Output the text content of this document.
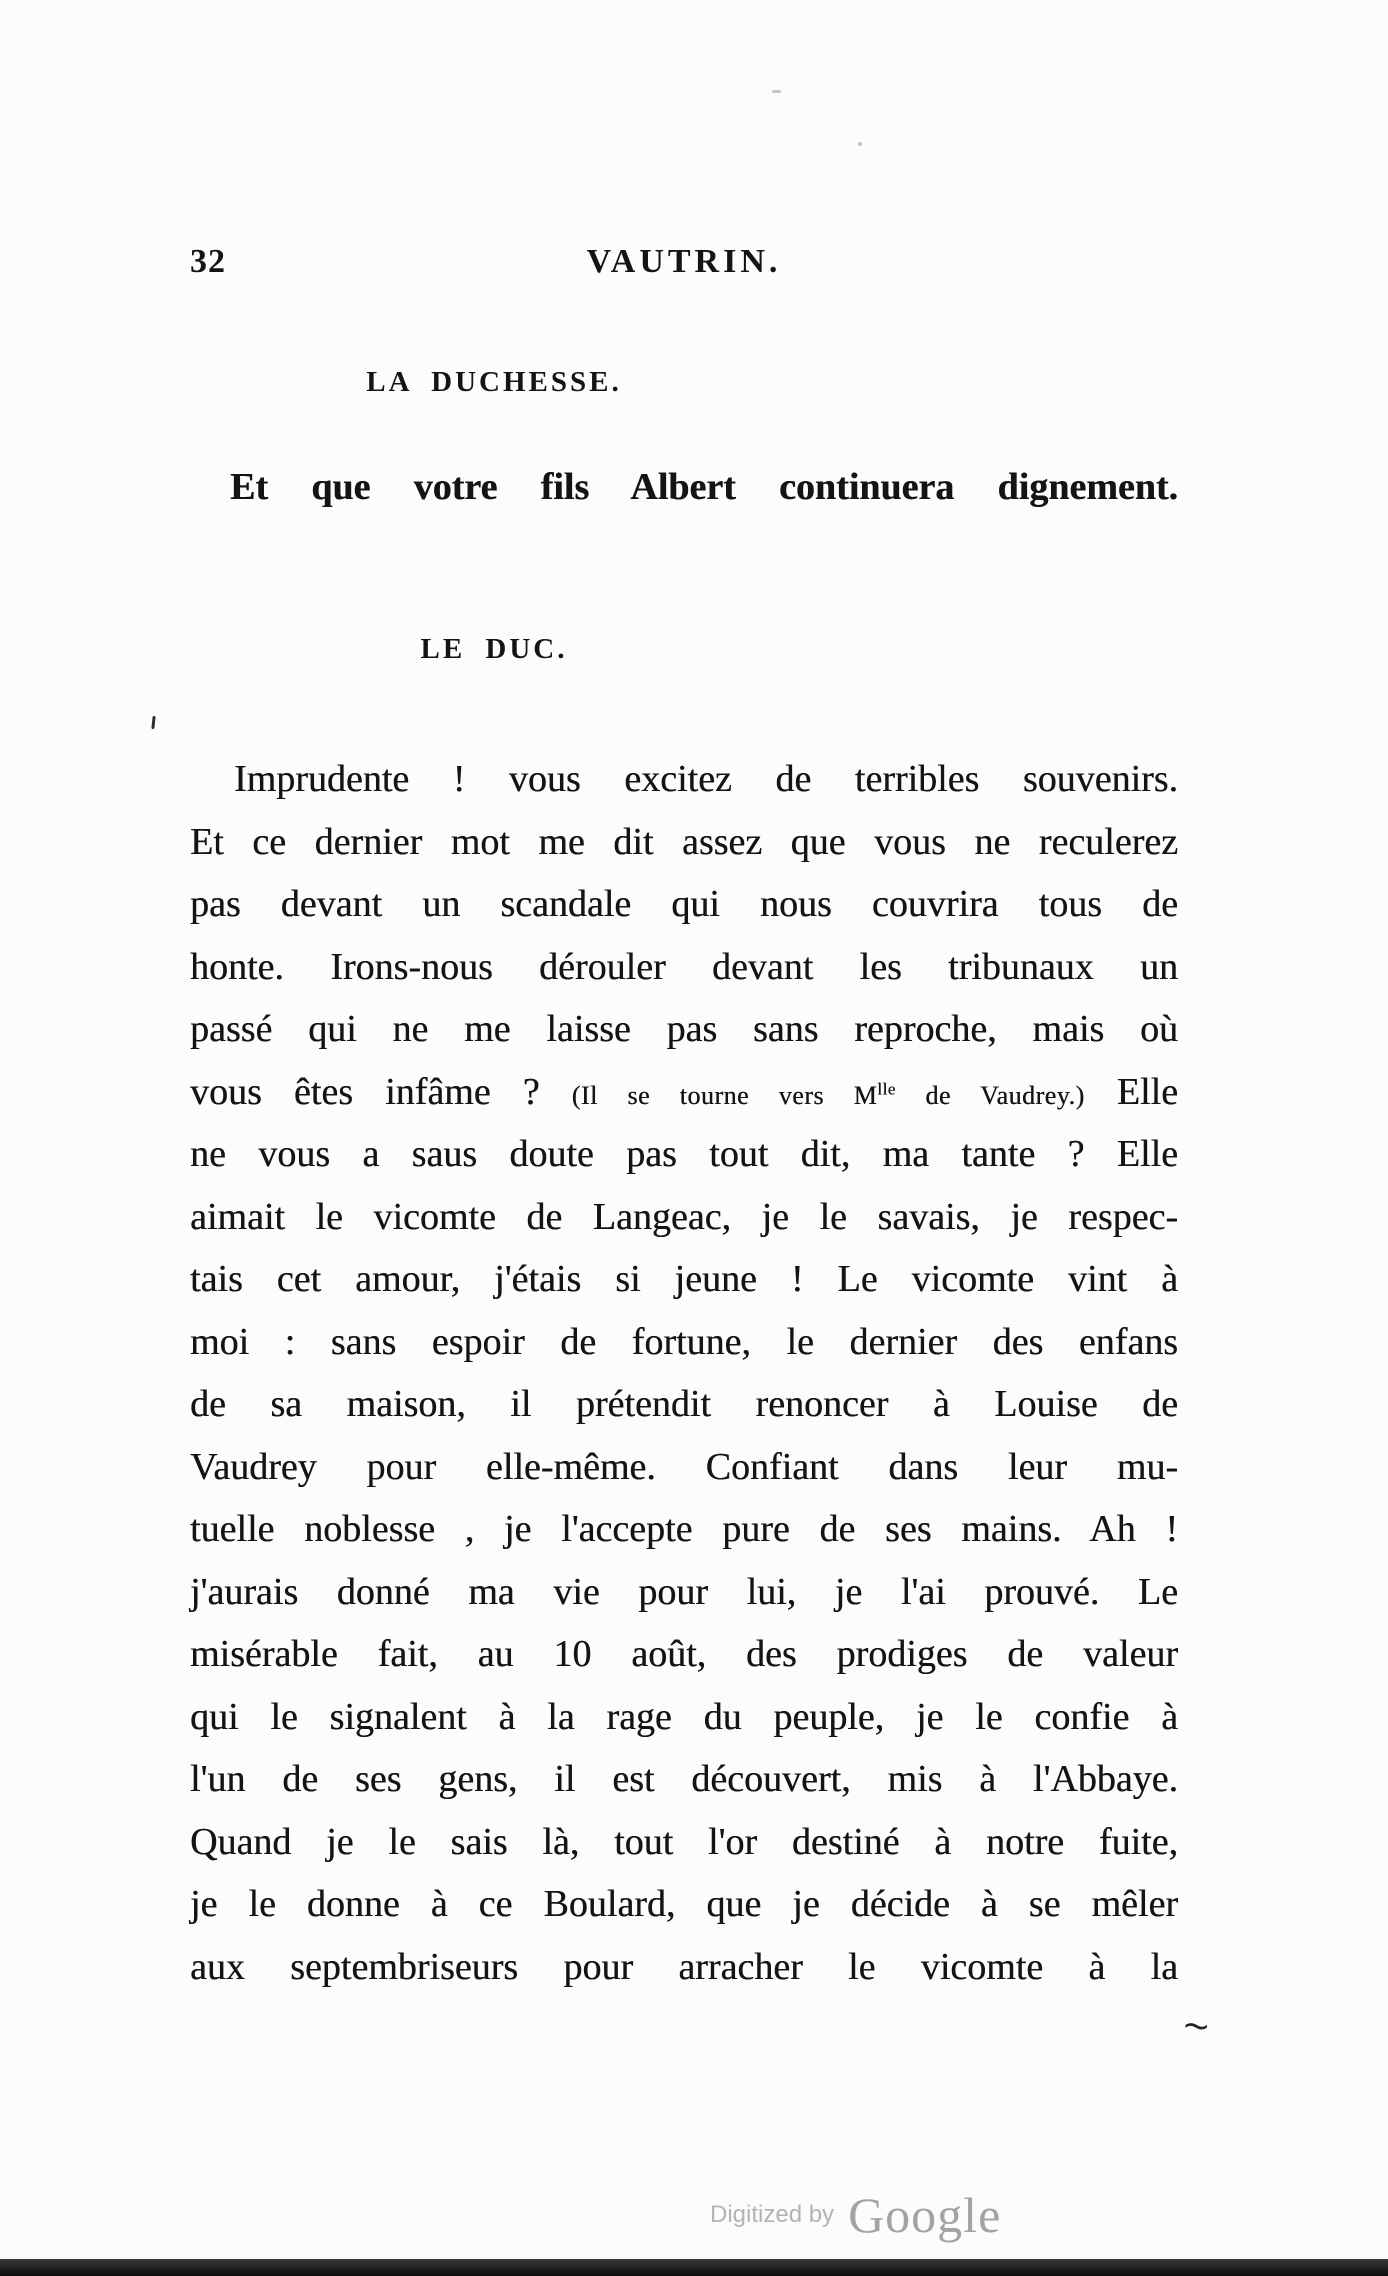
32	VAUTRIN.
LA DUCHESSE.
Et que votre fils Albert continuera dignement.
LE DUC.
Imprudente ! vous excitez de terribles souvenirs.
Et ce dernier mot me dit assez que vous ne reculerez
pas devant un scandale qui nous couvrira tous de
honte. Irons-nous dérouler devant les tribunaux un
passé qui ne me laisse pas sans reproche, mais où
vous êtes infâme ? (Il se tourne vers $M^{lle}$ de Vaudrey.) Elle
ne vous a saus doute pas tout dit, ma tante ? Elle
aimait le vicomte de Langeac, je le savais, je respec-
tais cet amour, j'étais si jeune ! Le vicomte vint à
moi : sans espoir de fortune, le dernier des enfans
de sa maison, il prétendit renoncer à Louise de
Vaudrey pour elle-même. Confiant dans leur mu-
tuelle noblesse , je l'accepte pure de ses mains. Ah !
j'aurais donné ma vie pour lui, je l'ai prouvé. Le
misérable fait, au 10 août, des prodiges de valeur
qui le signalent à la rage du peuple, je le confie à
l'un de ses gens, il est découvert, mis à l'Abbaye.
Quand je le sais là, tout l'or destiné à notre fuite,
je le donne à ce Boulard, que je décide à se mêler
aux septembriseurs pour arracher le vicomte à la
~
Digitized by Google
